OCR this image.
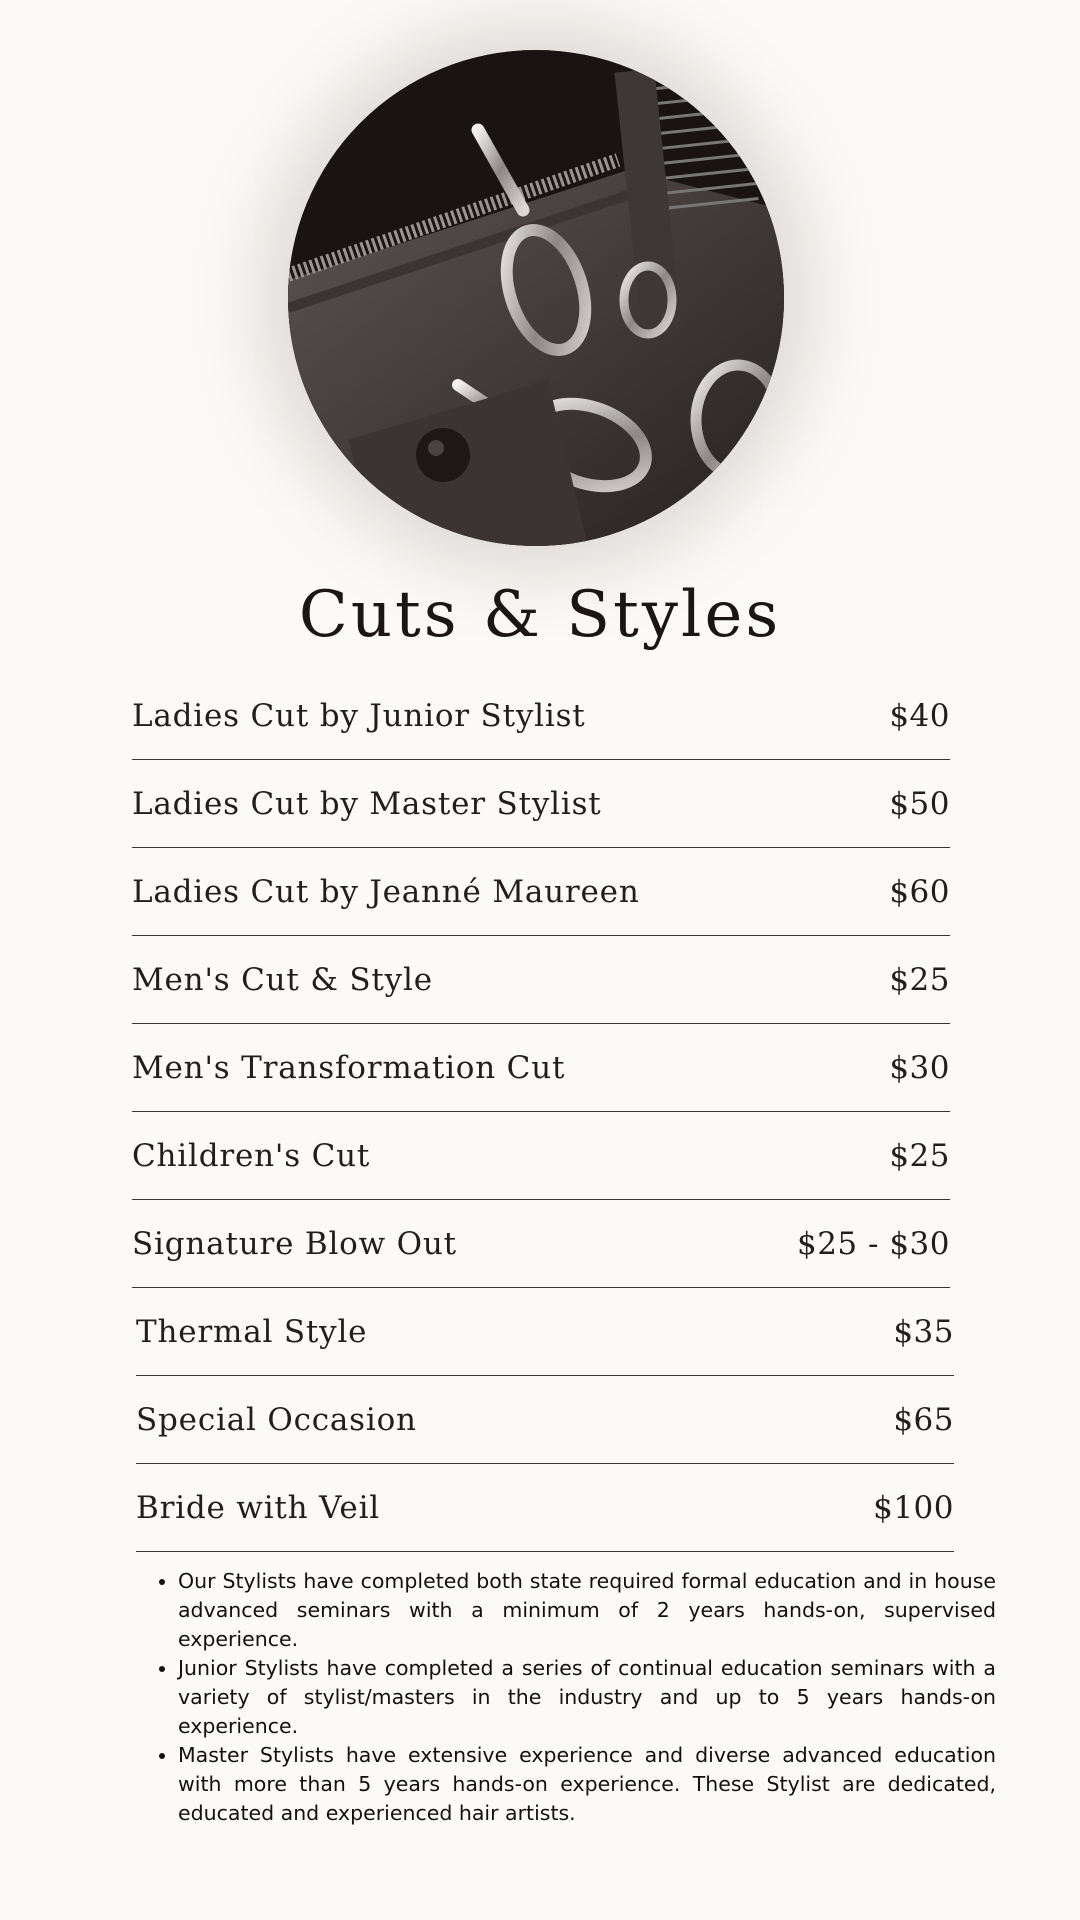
Cuts & Styles
Ladies Cut by Junior Stylist	$40
Ladies Cut by Master Stylist	$50
Ladies Cut by Jeanné Maureen	$60
Men's Cut & Style	$25
Men's Transformation Cut	$30
Children's Cut	$25
Signature Blow Out	$25 - $30
Thermal Style	$35
Special Occasion	$65
Bride with Veil	$100
• Our Stylists have completed both state required formal education and in house advanced seminars with a minimum of 2 years hands-on, supervised experience.
• Junior Stylists have completed a series of continual education seminars with a variety of stylist/masters in the industry and up to 5 years hands-on experience.
• Master Stylists have extensive experience and diverse advanced education with more than 5 years hands-on experience. These Stylist are dedicated, educated and experienced hair artists.
